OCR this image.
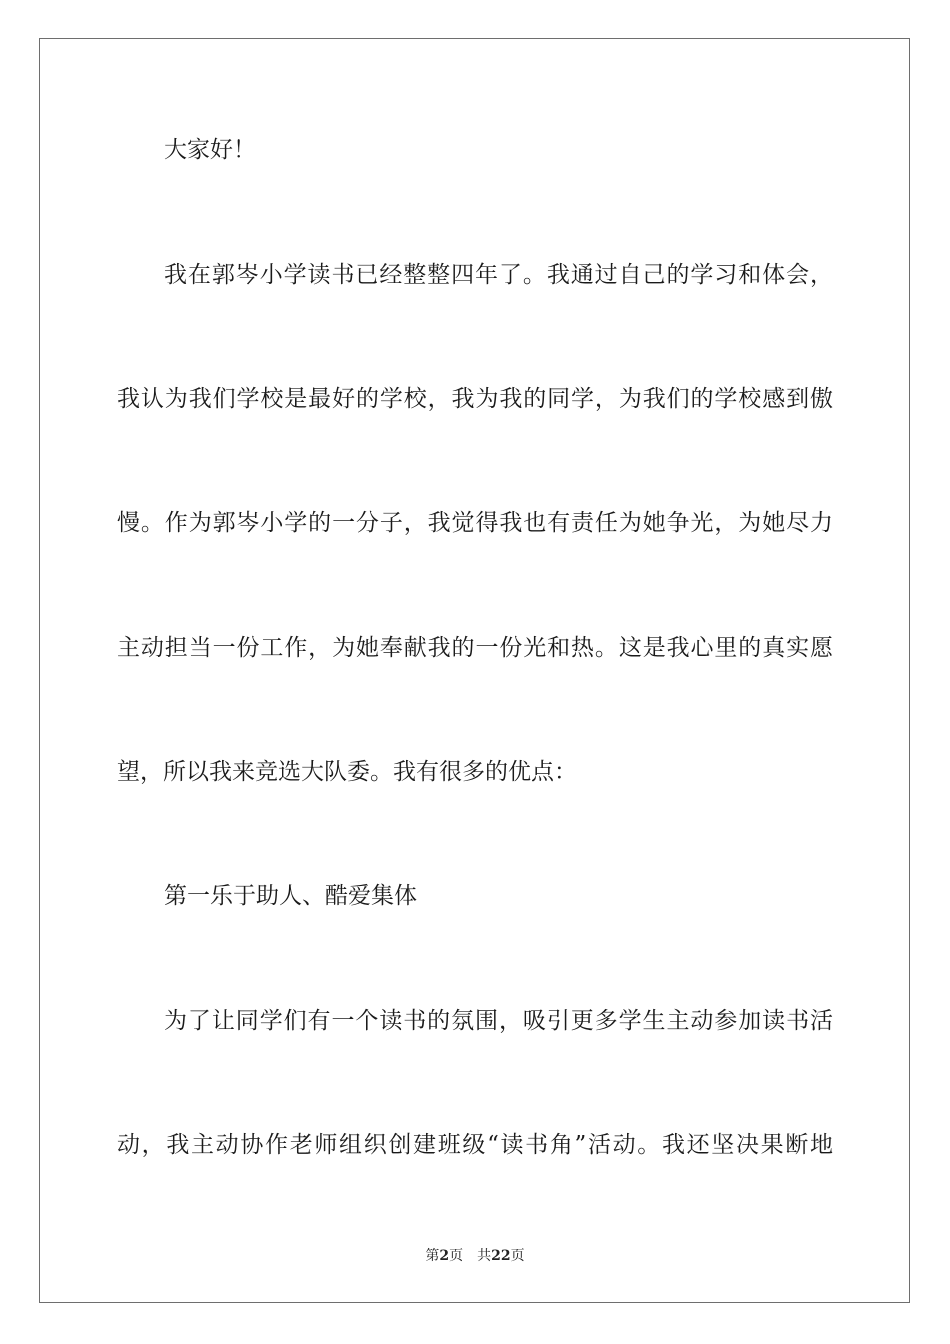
大家好！
我在郭岑小学读书已经整整四年了。我通过自己的学习和体会，
我认为我们学校是最好的学校，我为我的同学，为我们的学校感到傲
慢。作为郭岑小学的一分子，我觉得我也有责任为她争光，为她尽力
主动担当一份工作，为她奉献我的一份光和热。这是我心里的真实愿
望，所以我来竞选大队委。我有很多的优点：
第一乐于助人、酷爱集体
为了让同学们有一个读书的氛围，吸引更多学生主动参加读书活
动，我主动协作老师组织创建班级“读书角”活动。我还坚决果断地
第2页 共22页
